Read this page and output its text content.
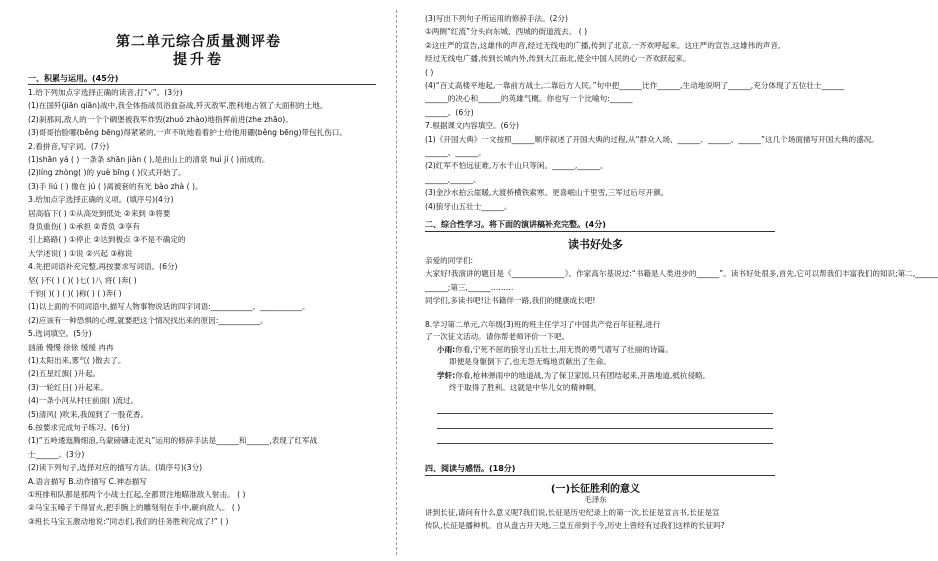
第二单元综合质量测评卷
提升卷
一、积累与运用。(45分)
1.给下列加点字选择正确的读音,打“√”。(3分)
(1)在国歼(jiān qiān)战中,我全体指战员浴血奋战,歼灭敌军,胜利地占领了大面积的土地。
(2)刹那间,敌人的一个个碉堡被我军炸毁(zhuó zhào)地指挥前进(zhe zhāo)。
(3)哥哥抬脸哪(běng bēng)得紧紧的,一声不吭地看着护士给他用硼(běng bēng)带包扎伤口。
2.看拼音,写字词。(7分)
(1)shān yá ( ) 一条条 shān jiàn ( ),是由山上的清泉 huì jí ( )而成的。
(2)líng zhòng( )的 yuè bīng ( )仪式开始了。
(3)手 liú ( ) 像在 jú ( )离被套的有光 bào zhà ( )。
3.给加点字选择正确的义项。(填序号)(4分)
居高临下( ) ①从高处到低处 ②来到 ③将要
身负重伤( ) ①承担 ②背负 ③享有
引上路路( ) ①停止 ②达到极点 ③不是不确定的
大学述说( ) ①说 ②兴起 ③称说
4.先把词语补充完整,再按要求写词语。(6分)
坚( )不( ) ( )( )七( )八 将( )奔( )
千钧( )( ) ( )( )称( ) ( )奔( )
(1)以上面的不同词语中,描写人物事物说话的四字词语:___________、___________。
(2)应该有一种恐惧的心理,就要把这个情况找出来的原因:___________。
5.选词填空。(5分)
汹涌 慢慢 徐徐 缓缓 冉冉
(1)太阳出来,雾气( )散去了。
(2)五星红旗( )升起。
(3)一轮红日( )升起来。
(4)一条小河从村庄前面( )流过。
(5)清风( )吹来,我闻到了一股花香。
6.按要求完成句子练习。(6分)
(1)“五岭逶迤腾细浪,乌蒙磅礴走泥丸”运用的修辞手法是______和______,表现了红军战
士______。(3分)
(2)读下列句子,选择对应的描写方法。(填序号)(3分)
A.语言描写 B.动作描写 C.神态描写
①班排和队都是那两个小战士扛起,全都贯注地瞄准敌人射击。 ( )
②马宝玉嗓子干得冒火,把手腕上的雕刻刻在手中,砸向敌人。 ( )
③班长马宝玉激动地说:“同志们,我们的任务胜利完成了!” ( )
(3)写出下列句子所运用的修辞手法。(2分)
①两侧“红流”分头向东城、西城的街道流去。 ( )
②这庄严的宣告,这雄伟的声音,经过无线电的广播,传到了北京,一齐欢呼起来。这庄严的宣告,这雄伟的声音,
经过无线电广播,传到长城内外,传到大江南北,使全中国人民的心一齐欢跃起来。
( )
(4)“百丈高楼平地起,一靠前方战士,二靠后方人民。”句中把______比作______,生动地说明了______,充分体现了五位壮士______
______的决心和______的英雄气概。你也写一个比喻句:______
______。(6分)
7.根据课文内容填空。(6分)
(1)《开国大典》一文按照______顺序叙述了开国大典的过程,从“群众入场、______、______、______”这几个场面描写开国大典的盛况。
______、______。
(2)红军不怕远征难,万水千山只等闲。______,______。
______,______。
(3)金沙水拍云崖暖,大渡桥横铁索寒。更喜岷山千里雪,三军过后尽开颜。
(4)狼牙山五壮士______。
二、综合性学习。将下面的演讲稿补充完整。(4分)
读书好处多
亲爱的同学们:
大家好!我演讲的题目是《______________》。作家高尔基说过:“书籍是人类进步的______”。读书好处很多,首先,它可以帮我们丰富我们的知识;第二,______
______;第三,______………
同学们,多读书吧!让书籍伴一路,我们的健康成长吧!
8.学习第二单元,六年级(3)班的班主任学习了中国共产党百年征程,进行
了一次征文活动。请你帮老师评价一下吧。
小雨:你看,宁死不屈的狼牙山五壮士,用无畏的勇气谱写了壮丽的诗篇。
即便是身躯倒下了,也无怨无悔地贡献出了生命。
学轩:你看,枪林弹雨中的地道战,为了保卫家园,只有团结起来,开凿地道,抵抗侵略,
终于取得了胜利。这就是中华儿女的精神啊。
四、阅读与感悟。(18分)
(一)长征胜利的意义
毛泽东
讲到长征,请问有什么意义呢?我们说,长征是历史纪录上的第一次,长征是宣言书,长征是宣
传队,长征是播种机。自从盘古开天地,三皇五帝到于今,历史上曾经有过我们这样的长征吗?
